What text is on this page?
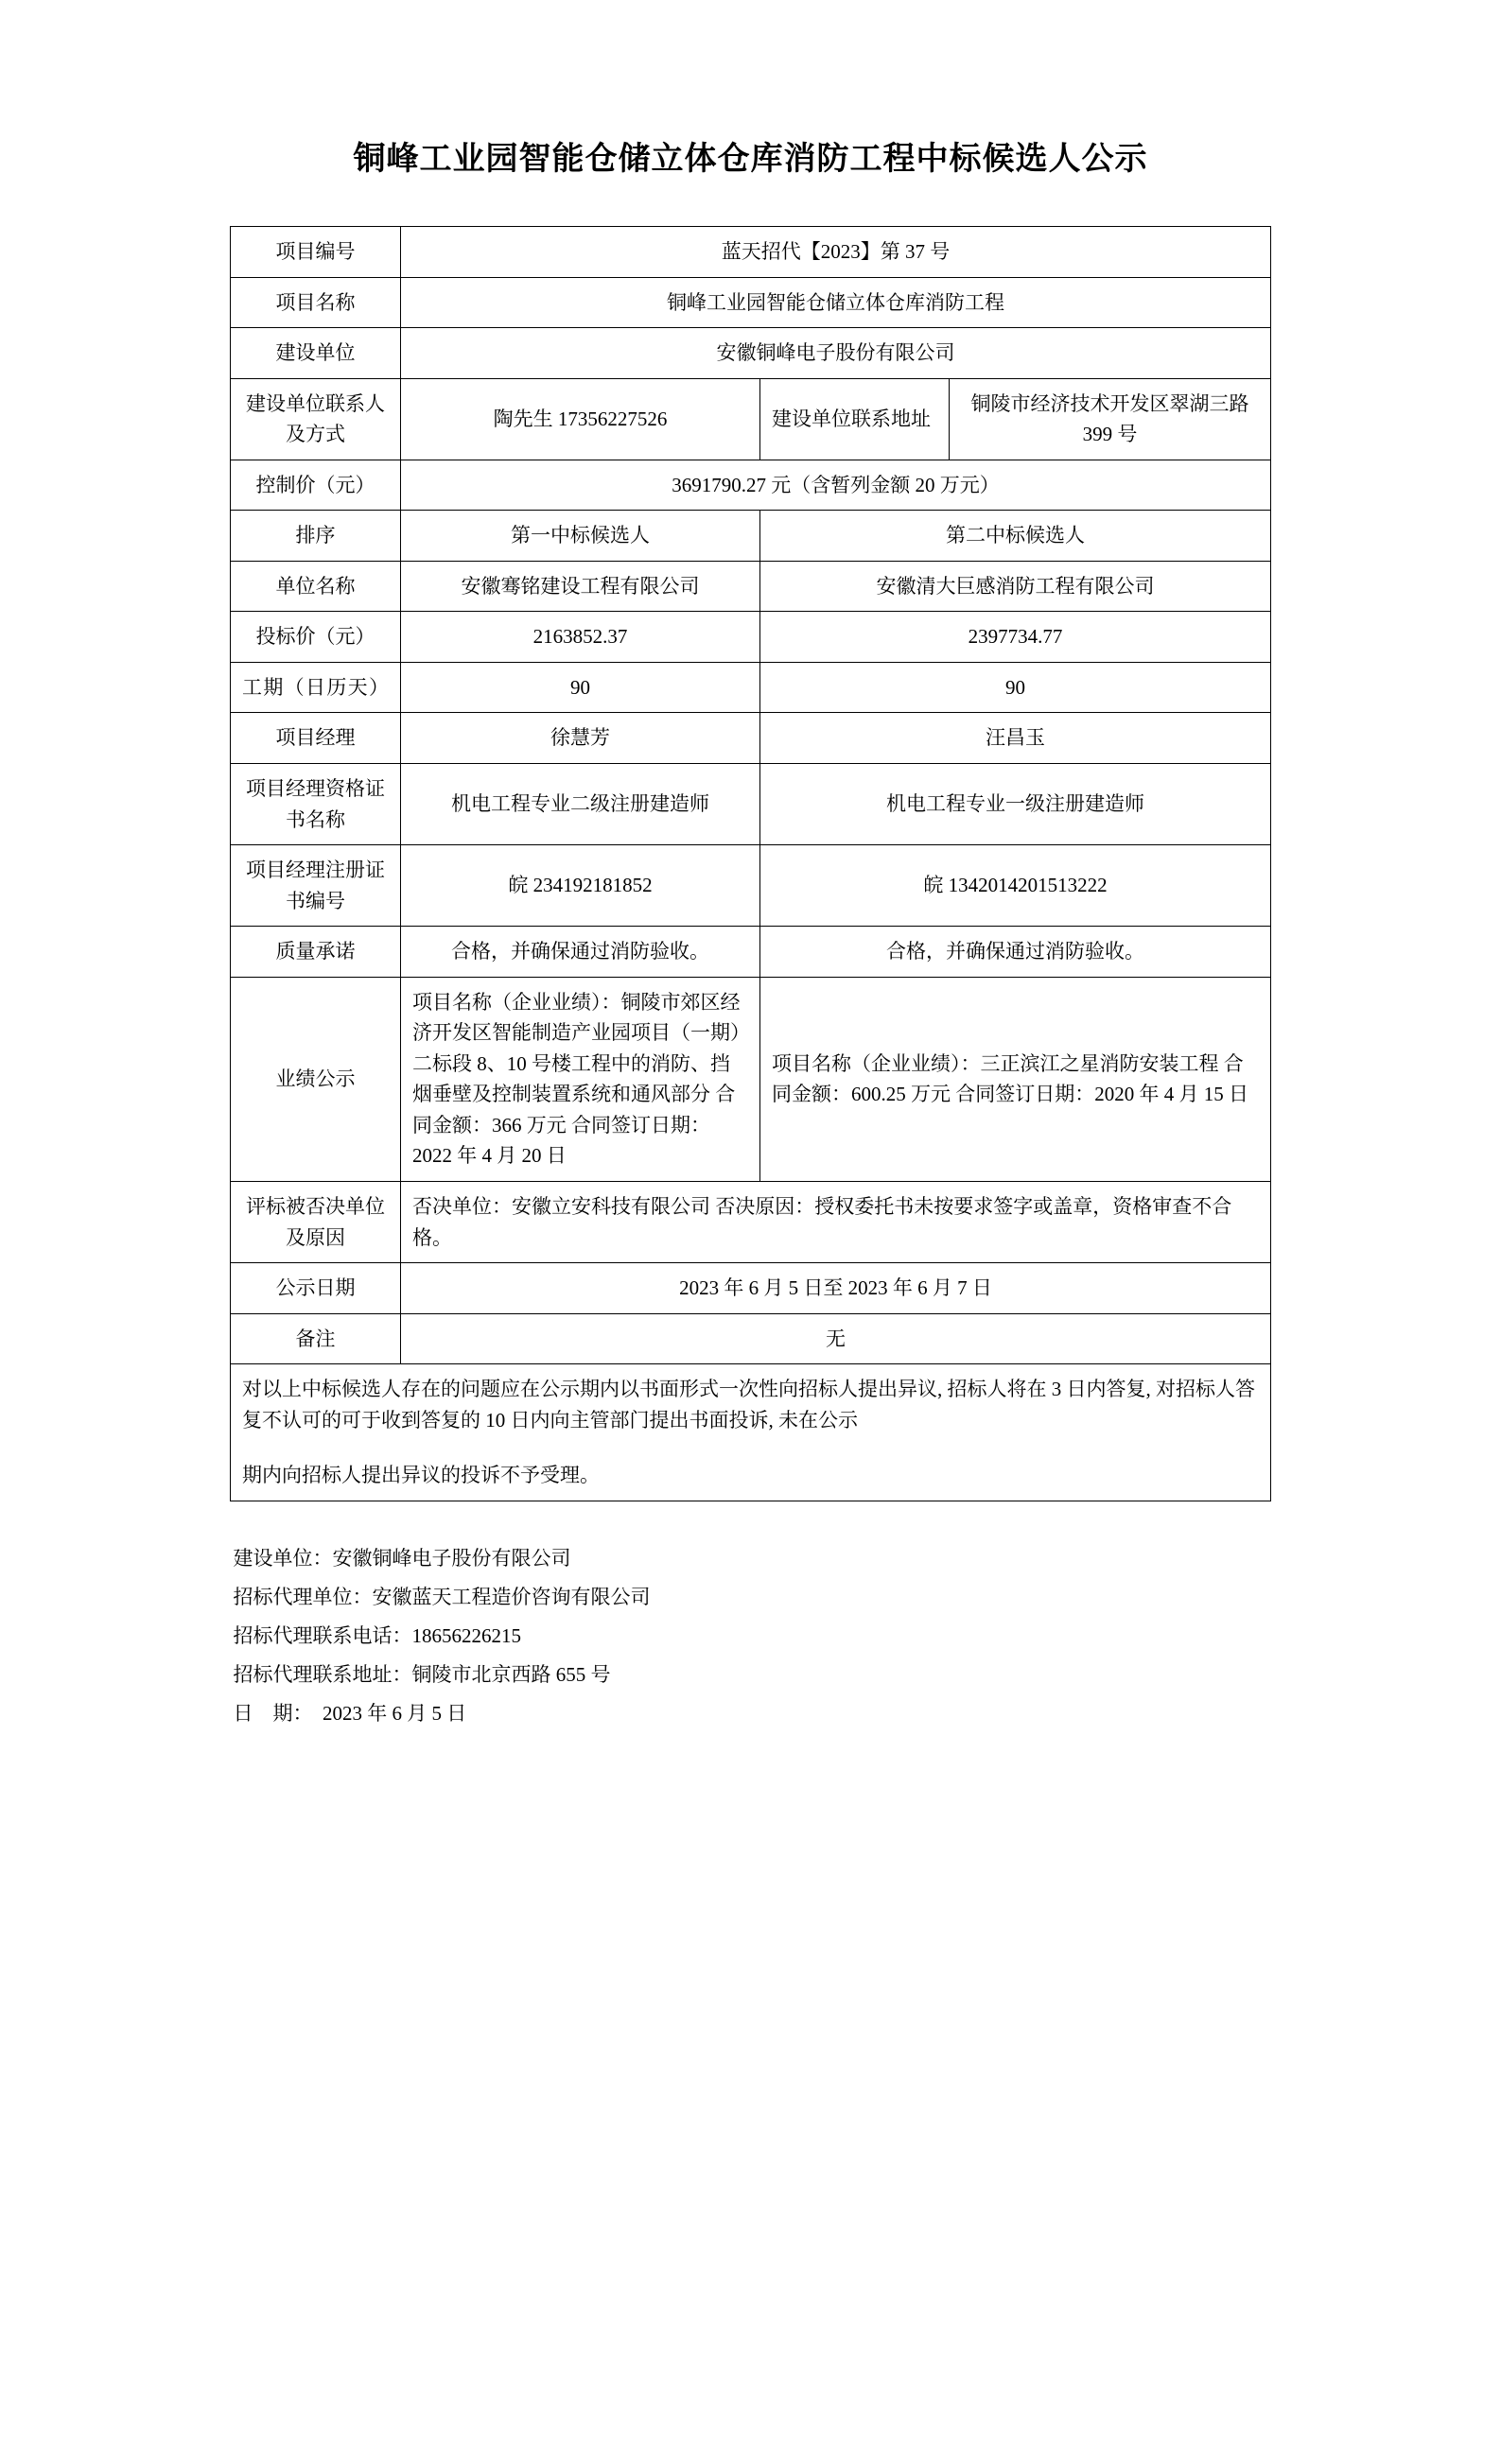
铜峰工业园智能仓储立体仓库消防工程中标候选人公示
项目编号	蓝天招代【2023】第 37 号		
项目名称	铜峰工业园智能仓储立体仓库消防工程		
建设单位	安徽铜峰电子股份有限公司		
建设单位联系人及方式	陶先生 17356227526	建设单位联系地址	铜陵市经济技术开发区翠湖三路 399 号
控制价（元）	3691790.27 元（含暂列金额 20 万元）		
排序	第一中标候选人	第二中标候选人	
单位名称	安徽骞铭建设工程有限公司	安徽清大巨感消防工程有限公司	
投标价（元）	2163852.37	2397734.77	
工期（日历天）	90	90	
项目经理	徐慧芳	汪昌玉	
项目经理资格证书名称	机电工程专业二级注册建造师	机电工程专业一级注册建造师	
项目经理注册证书编号	皖 234192181852	皖 1342014201513222	
质量承诺	合格，并确保通过消防验收。	合格，并确保通过消防验收。	
业绩公示	项目名称（企业业绩）：铜陵市郊区经济开发区智能制造产业园项目（一期）二标段 8、10 号楼工程中的消防、挡烟垂壁及控制装置系统和通风部分 合同金额：366 万元 合同签订日期：2022 年 4 月 20 日	项目名称（企业业绩）：三正滨江之星消防安装工程 合同金额：600.25 万元 合同签订日期：2020 年 4 月 15 日	
评标被否决单位及原因	否决单位：安徽立安科技有限公司 否决原因：授权委托书未按要求签字或盖章，资格审查不合格。		
公示日期	2023 年 6 月 5 日至 2023 年 6 月 7 日		
备注	无		
对以上中标候选人存在的问题应在公示期内以书面形式一次性向招标人提出异议, 招标人将在 3 日内答复, 对招标人答复不认可的可于收到答复的 10 日内向主管部门提出书面投诉, 未在公示
期内向招标人提出异议的投诉不予受理。			
建设单位：安徽铜峰电子股份有限公司
招标代理单位：安徽蓝天工程造价咨询有限公司
招标代理联系电话：18656226215
招标代理联系地址：铜陵市北京西路 655 号
日　期：　2023 年 6 月 5 日
